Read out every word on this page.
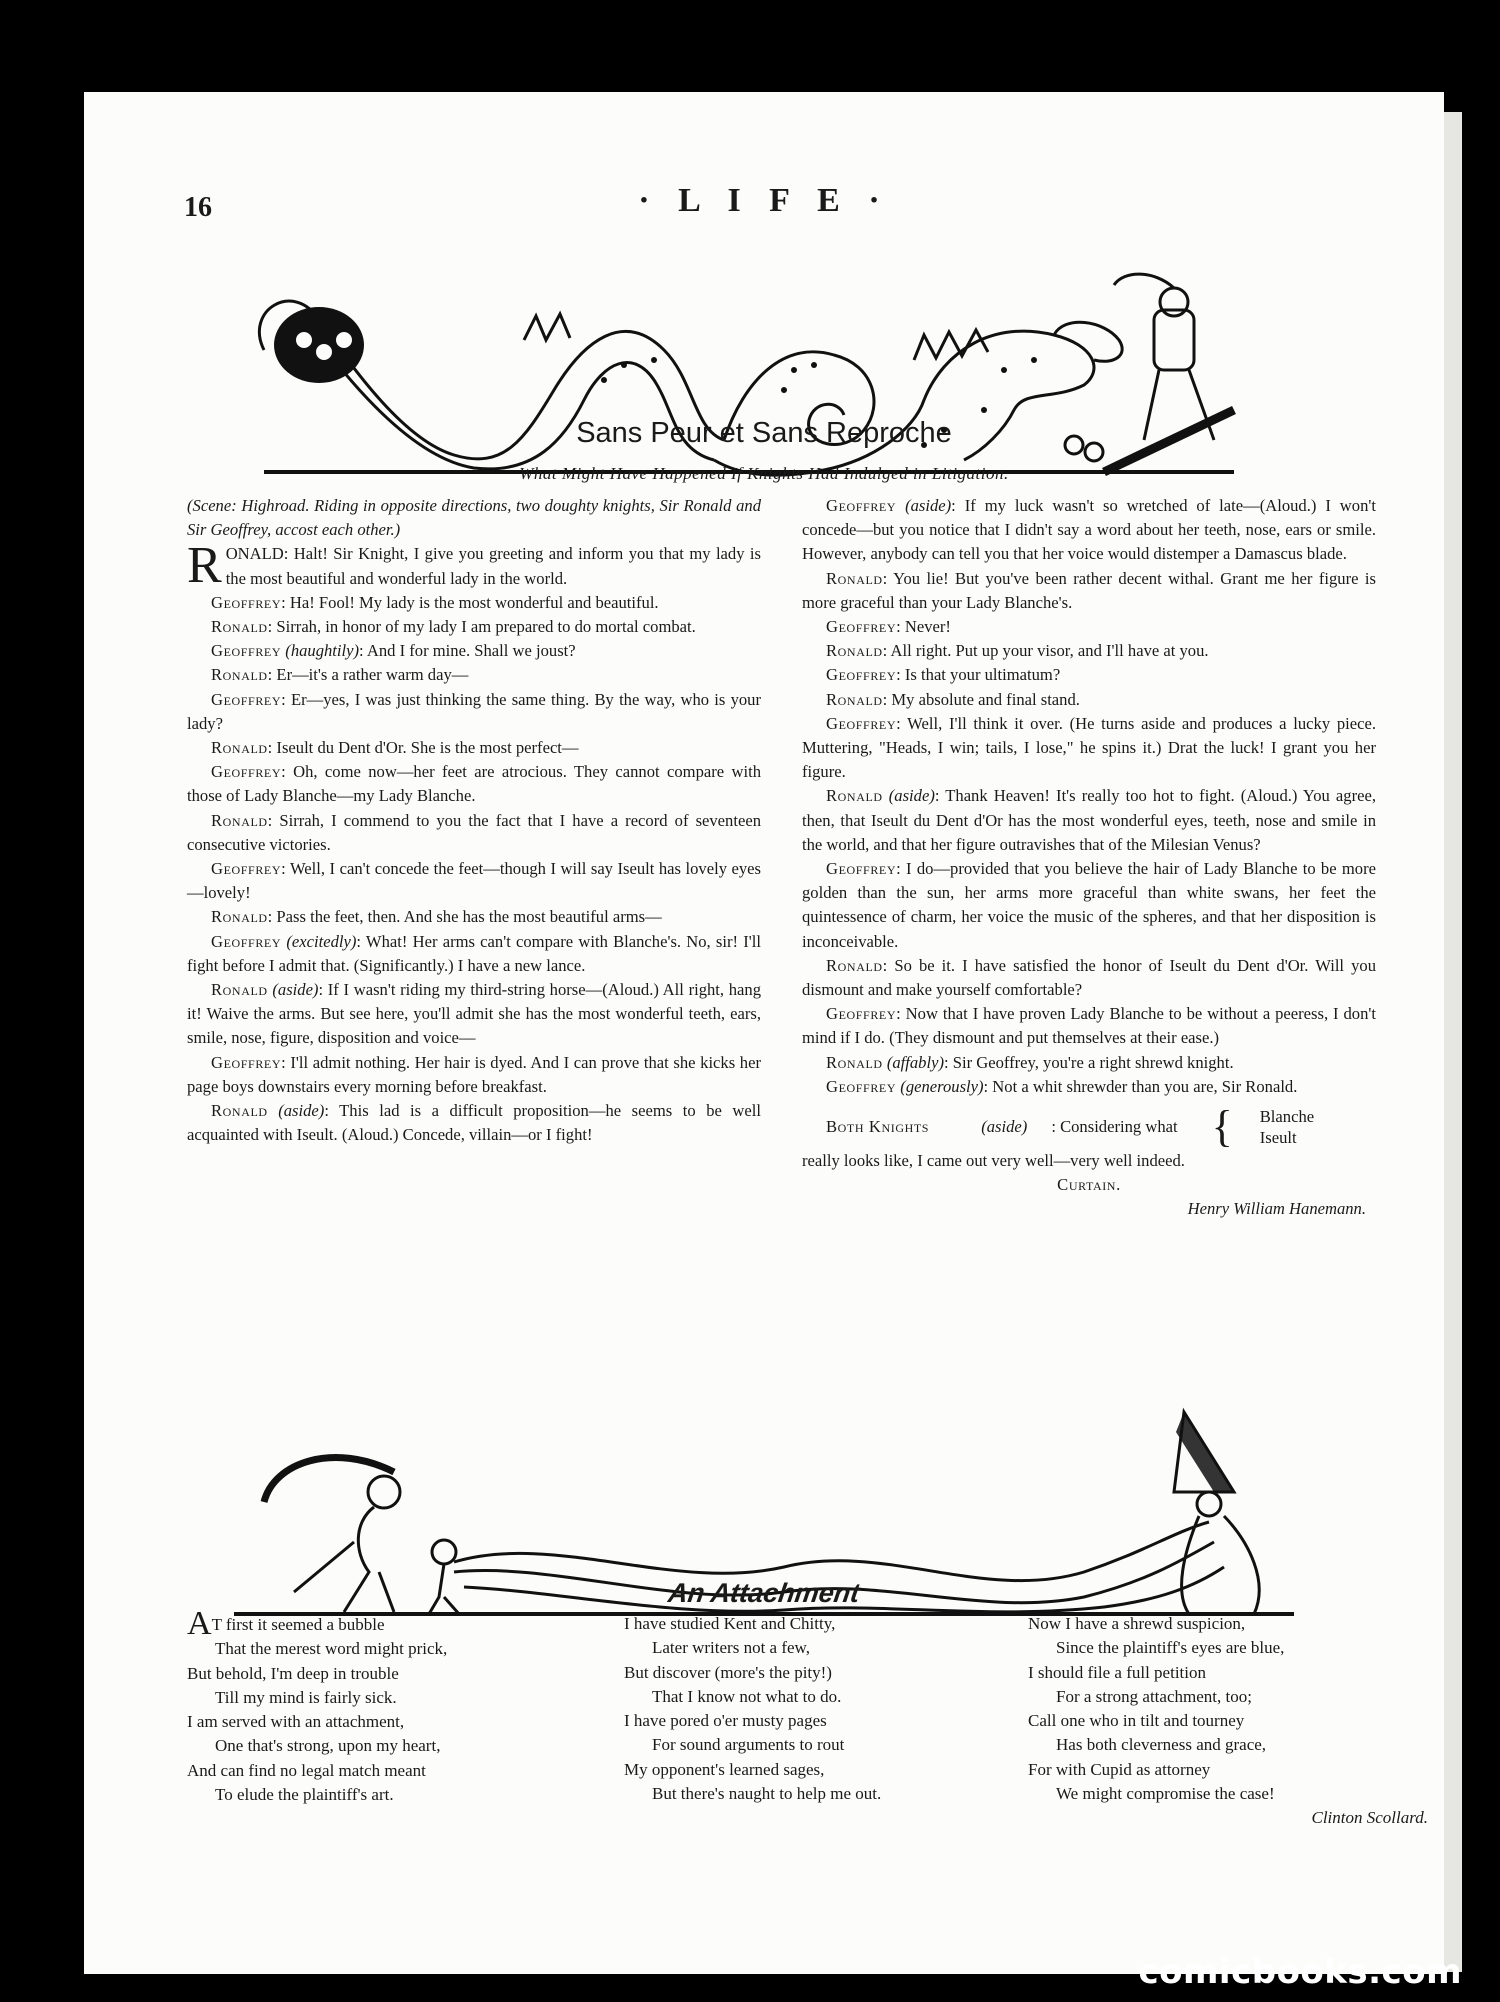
16	· L I F E ·
Sans Peur et Sans Reproche
What Might Have Happened If Knights Had Indulged in Litigation.

(Scene: Highroad. Riding in opposite directions, two doughty knights, Sir Ronald and Sir Geoffrey, accost each other.)

RONALD: Halt! Sir Knight, I give you greeting and inform you that my lady is the most beautiful and wonderful lady in the world.

Geoffrey: Ha! Fool! My lady is the most wonderful and beautiful.

Ronald: Sirrah, in honor of my lady I am prepared to do mortal combat.

Geoffrey (haughtily): And I for mine. Shall we joust?

Ronald: Er—it's a rather warm day—

Geoffrey: Er—yes, I was just thinking the same thing. By the way, who is your lady?

Ronald: Iseult du Dent d'Or. She is the most perfect—

Geoffrey: Oh, come now—her feet are atrocious. They cannot compare with those of Lady Blanche—my Lady Blanche.

Ronald: Sirrah, I commend to you the fact that I have a record of seventeen consecutive victories.

Geoffrey: Well, I can't concede the feet—though I will say Iseult has lovely eyes—lovely!

Ronald: Pass the feet, then. And she has the most beautiful arms—

Geoffrey (excitedly): What! Her arms can't compare with Blanche's. No, sir! I'll fight before I admit that. (Significantly.) I have a new lance.

Ronald (aside): If I wasn't riding my third-string horse—(Aloud.) All right, hang it! Waive the arms. But see here, you'll admit she has the most wonderful teeth, ears, smile, nose, figure, disposition and voice—

Geoffrey: I'll admit nothing. Her hair is dyed. And I can prove that she kicks her page boys downstairs every morning before breakfast.

Ronald (aside): This lad is a difficult proposition—he seems to be well acquainted with Iseult. (Aloud.) Concede, villain—or I fight!

Geoffrey (aside): If my luck wasn't so wretched of late—(Aloud.) I won't concede—but you notice that I didn't say a word about her teeth, nose, ears or smile. However, anybody can tell you that her voice would distemper a Damascus blade.

Ronald: You lie! But you've been rather decent withal. Grant me her figure is more graceful than your Lady Blanche's.

Geoffrey: Never!

Ronald: All right. Put up your visor, and I'll have at you.

Geoffrey: Is that your ultimatum?

Ronald: My absolute and final stand.

Geoffrey: Well, I'll think it over. (He turns aside and produces a lucky piece. Muttering, "Heads, I win; tails, I lose," he spins it.) Drat the luck! I grant you her figure.

Ronald (aside): Thank Heaven! It's really too hot to fight. (Aloud.) You agree, then, that Iseult du Dent d'Or has the most wonderful eyes, teeth, nose and smile in the world, and that her figure outravishes that of the Milesian Venus?

Geoffrey: I do—provided that you believe the hair of Lady Blanche to be more golden than the sun, her arms more graceful than white swans, her feet the quintessence of charm, her voice the music of the spheres, and that her disposition is inconceivable.

Ronald: So be it. I have satisfied the honor of Iseult du Dent d'Or. Will you dismount and make yourself comfortable?

Geoffrey: Now that I have proven Lady Blanche to be without a peeress, I don't mind if I do. (They dismount and put themselves at their ease.)

Ronald (affably): Sir Geoffrey, you're a right shrewd knight.

Geoffrey (generously): Not a whit shrewder than you are, Sir Ronald.

Both Knights
	(aside)	: Considering what {	Blanche
Iseult

really looks like, I came out very well—very well indeed.

Curtain.

Henry William Hanemann.

An Attachment
AT first it seemed a bubble
That the merest word might prick,
But behold, I'm deep in trouble
Till my mind is fairly sick.
I am served with an attachment,
One that's strong, upon my heart,
And can find no legal match meant
To elude the plaintiff's art.
I have studied Kent and Chitty,
Later writers not a few,
But discover (more's the pity!)
That I know not what to do.
I have pored o'er musty pages
For sound arguments to rout
My opponent's learned sages,
But there's naught to help me out.
Now I have a shrewd suspicion,
Since the plaintiff's eyes are blue,
I should file a full petition
For a strong attachment, too;
Call one who in tilt and tourney
Has both cleverness and grace,
For with Cupid as attorney
We might compromise the case!
Clinton Scollard.
comicbooks.com
